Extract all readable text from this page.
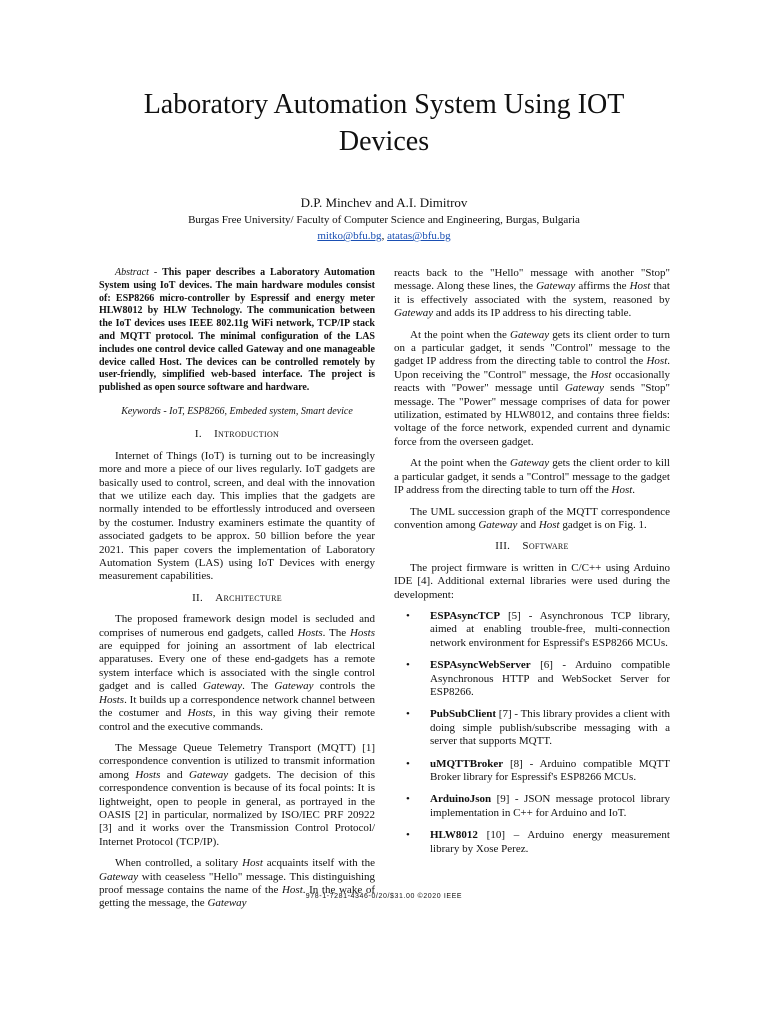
Laboratory Automation System Using IOT Devices
D.P. Minchev and A.I. Dimitrov
Burgas Free University/ Faculty of Computer Science and Engineering, Burgas, Bulgaria
mitko@bfu.bg, atatas@bfu.bg

Abstract - This paper describes a Laboratory Automation System using IoT devices. The main hardware modules consist of: ESP8266 micro-controller by Espressif and energy meter HLW8012 by HLW Technology. The communication between the IoT devices uses IEEE 802.11g WiFi network, TCP/IP stack and MQTT protocol. The minimal configuration of the LAS includes one control device called Gateway and one manageable device called Host. The devices can be controlled remotely by user-friendly, simplified web-based interface. The project is published as open source software and hardware.

Keywords - IoT, ESP8266, Embeded system, Smart device
I. Introduction

Internet of Things (IoT) is turning out to be increasingly more and more a piece of our lives regularly. IoT gadgets are basically used to control, screen, and deal with the innovation that we utilize each day. This implies that the gadgets are normally intended to be effortlessly introduced and overseen by the costumer. Industry examiners estimate the quantity of associated gadgets to be approx. 50 billion before the year 2021. This paper covers the implementation of Laboratory Automation System (LAS) using IoT Devices with energy measurement capabilities.

II. Architecture

The proposed framework design model is secluded and comprises of numerous end gadgets, called Hosts. The Hosts are equipped for joining an assortment of lab electrical apparatuses. Every one of these end-gadgets has a remote system interface which is associated with the single control gadget and is called Gateway. The Gateway controls the Hosts. It builds up a correspondence network channel between the costumer and Hosts, in this way giving their remote control and the executive commands.

The Message Queue Telemetry Transport (MQTT) [1] correspondence convention is utilized to transmit information among Hosts and Gateway gadgets. The decision of this correspondence convention is because of its focal points: It is lightweight, open to people in general, as portrayed in the OASIS [2] in particular, normalized by ISO/IEC PRF 20922 [3] and it works over the Transmission Control Protocol/ Internet Protocol (TCP/IP).

When controlled, a solitary Host acquaints itself with the Gateway with ceaseless "Hello" message. This distinguishing proof message contains the name of the Host. In the wake of getting the message, the Gateway

reacts back to the "Hello" message with another "Stop" message. Along these lines, the Gateway affirms the Host that it is effectively associated with the system, reasoned by Gateway and adds its IP address to his directing table.

At the point when the Gateway gets its client order to turn on a particular gadget, it sends "Control" message to the gadget IP address from the directing table to control the Host. Upon receiving the "Control" message, the Host occasionally reacts with "Power" message until Gateway sends "Stop" message. The "Power" message comprises of data for power utilization, estimated by HLW8012, and contains three fields: voltage of the force network, expended current and dynamic force from the overseen gadget.

At the point when the Gateway gets the client order to kill a particular gadget, it sends a "Control" message to the gadget IP address from the directing table to turn off the Host.

The UML succession graph of the MQTT correspondence convention among Gateway and Host gadget is on Fig. 1.

III. Software

The project firmware is written in C/C++ using Arduino IDE [4]. Additional external libraries were used during the development:

• ESPAsyncTCP [5] - Asynchronous TCP library, aimed at enabling trouble-free, multi-connection network environment for Espressif's ESP8266 MCUs.
• ESPAsyncWebServer [6] - Arduino compatible Asynchronous HTTP and WebSocket Server for ESP8266.
• PubSubClient [7] - This library provides a client with doing simple publish/subscribe messaging with a server that supports MQTT.
• uMQTTBroker [8] - Arduino compatible MQTT Broker library for Espressif's ESP8266 MCUs.
• ArduinoJson [9] - JSON message protocol library implementation in C++ for Arduino and IoT.
• HLW8012 [10] – Arduino energy measurement library by Xose Perez.
978-1-7281-4346-0/20/$31.00 ©2020 IEEE
